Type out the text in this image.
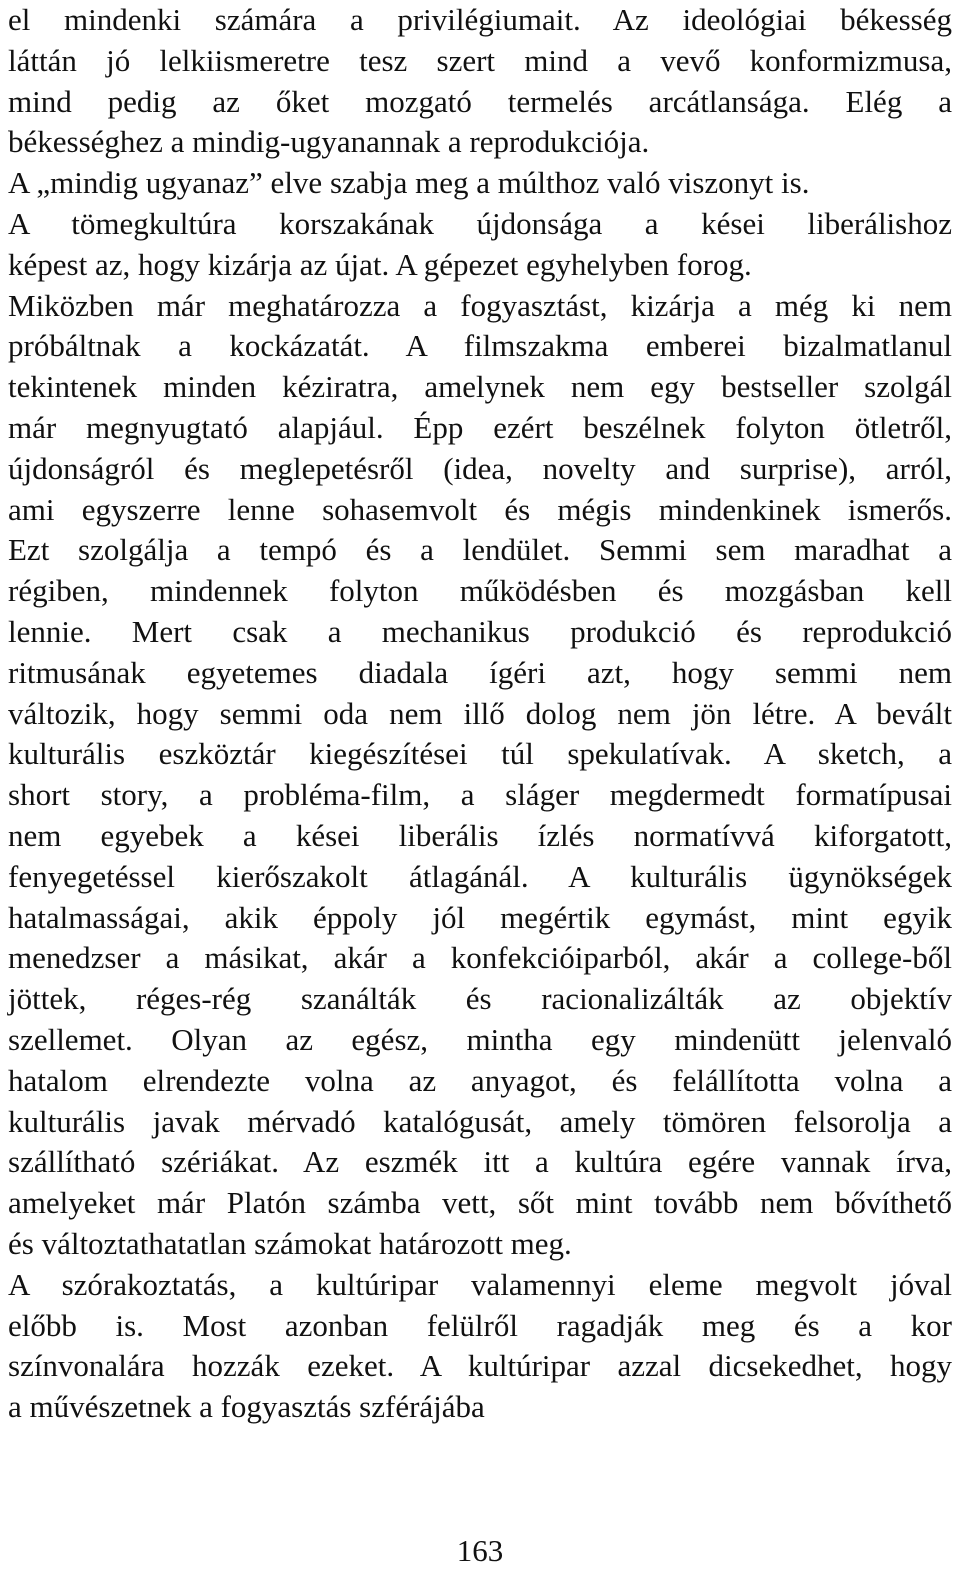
el mindenki számára a privilégiumait. Az ideológiai békesség
láttán jó lelkiismeretre tesz szert mind a vevő konformizmusa,
mind pedig az őket mozgató termelés arcátlansága. Elég a
békességhez a mindig-ugyanannak a reprodukciója.
A „mindig ugyanaz” elve szabja meg a múlthoz való viszonyt is.
A tömegkultúra korszakának újdonsága a kései liberálishoz
képest az, hogy kizárja az újat. A gépezet egyhelyben forog.
Miközben már meghatározza a fogyasztást, kizárja a még ki nem
próbáltnak a kockázatát. A filmszakma emberei bizalmatlanul
tekintenek minden kéziratra, amelynek nem egy bestseller szolgál
már megnyugtató alapjául. Épp ezért beszélnek folyton ötletről,
újdonságról és meglepetésről (idea, novelty and surprise), arról,
ami egyszerre lenne sohasemvolt és mégis mindenkinek ismerős.
Ezt szolgálja a tempó és a lendület. Semmi sem maradhat a
régiben, mindennek folyton működésben és mozgásban kell
lennie. Mert csak a mechanikus produkció és reprodukció
ritmusának egyetemes diadala ígéri azt, hogy semmi nem
változik, hogy semmi oda nem illő dolog nem jön létre. A bevált
kulturális eszköztár kiegészítései túl spekulatívak. A sketch, a
short story, a probléma-film, a sláger megdermedt formatípusai
nem egyebek a kései liberális ízlés normatívvá kiforgatott,
fenyegetéssel kierőszakolt átlagánál. A kulturális ügynökségek
hatalmasságai, akik éppoly jól megértik egymást, mint egyik
menedzser a másikat, akár a konfekcióiparból, akár a college-ből
jöttek, réges-rég szanálták és racionalizálták az objektív
szellemet. Olyan az egész, mintha egy mindenütt jelenvaló
hatalom elrendezte volna az anyagot, és felállította volna a
kulturális javak mérvadó katalógusát, amely tömören felsorolja a
szállítható szériákat. Az eszmék itt a kultúra egére vannak írva,
amelyeket már Platón számba vett, sőt mint tovább nem bővíthető
és változtathatatlan számokat határozott meg.
A szórakoztatás, a kultúripar valamennyi eleme megvolt jóval
előbb is. Most azonban felülről ragadják meg és a kor
színvonalára hozzák ezeket. A kultúripar azzal dicsekedhet, hogy
a művészetnek a fogyasztás szférájába
163
